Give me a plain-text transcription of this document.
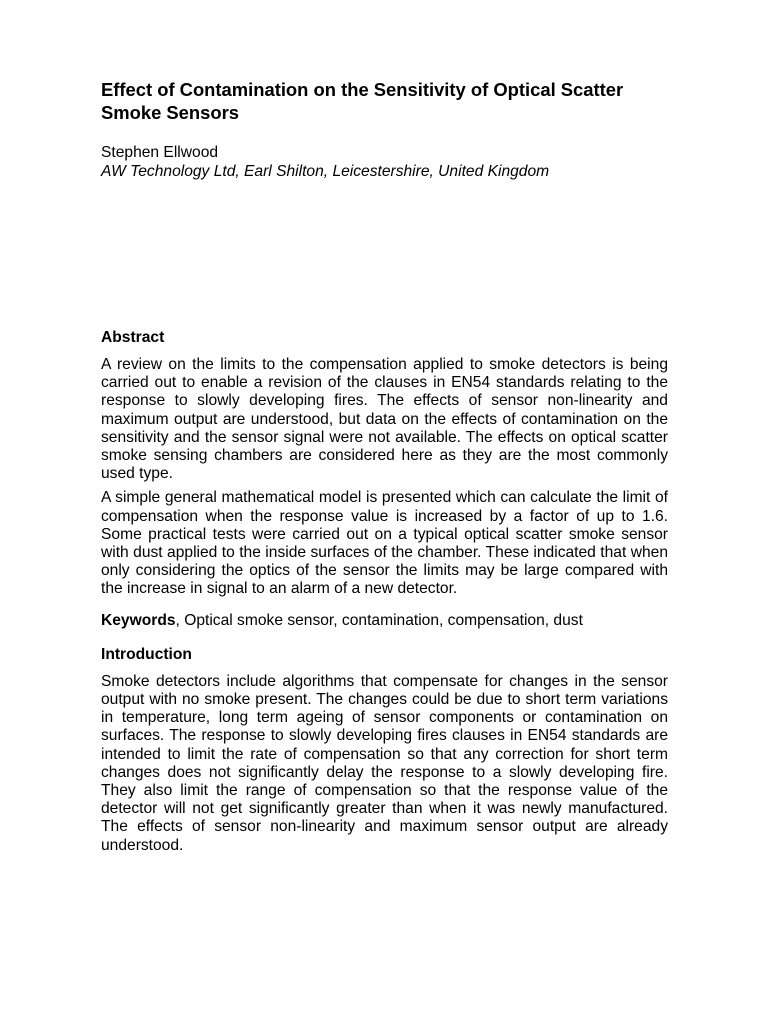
Effect of Contamination on the Sensitivity of Optical Scatter Smoke Sensors

Stephen Ellwood

AW Technology Ltd, Earl Shilton, Leicestershire, United Kingdom

Abstract

A review on the limits to the compensation applied to smoke detectors is being carried out to enable a revision of the clauses in EN54 standards relating to the response to slowly developing fires. The effects of sensor non-linearity and maximum output are understood, but data on the effects of contamination on the sensitivity and the sensor signal were not available. The effects on optical scatter smoke sensing chambers are considered here as they are the most commonly used type.

A simple general mathematical model is presented which can calculate the limit of compensation when the response value is increased by a factor of up to 1.6. Some practical tests were carried out on a typical optical scatter smoke sensor with dust applied to the inside surfaces of the chamber. These indicated that when only considering the optics of the sensor the limits may be large compared with the increase in signal to an alarm of a new detector.

Keywords, Optical smoke sensor, contamination, compensation, dust

Introduction

Smoke detectors include algorithms that compensate for changes in the sensor output with no smoke present. The changes could be due to short term variations in temperature, long term ageing of sensor components or contamination on surfaces. The response to slowly developing fires clauses in EN54 standards are intended to limit the rate of compensation so that any correction for short term changes does not significantly delay the response to a slowly developing fire. They also limit the range of compensation so that the response value of the detector will not get significantly greater than when it was newly manufactured. The effects of sensor non-linearity and maximum sensor output are already understood.
